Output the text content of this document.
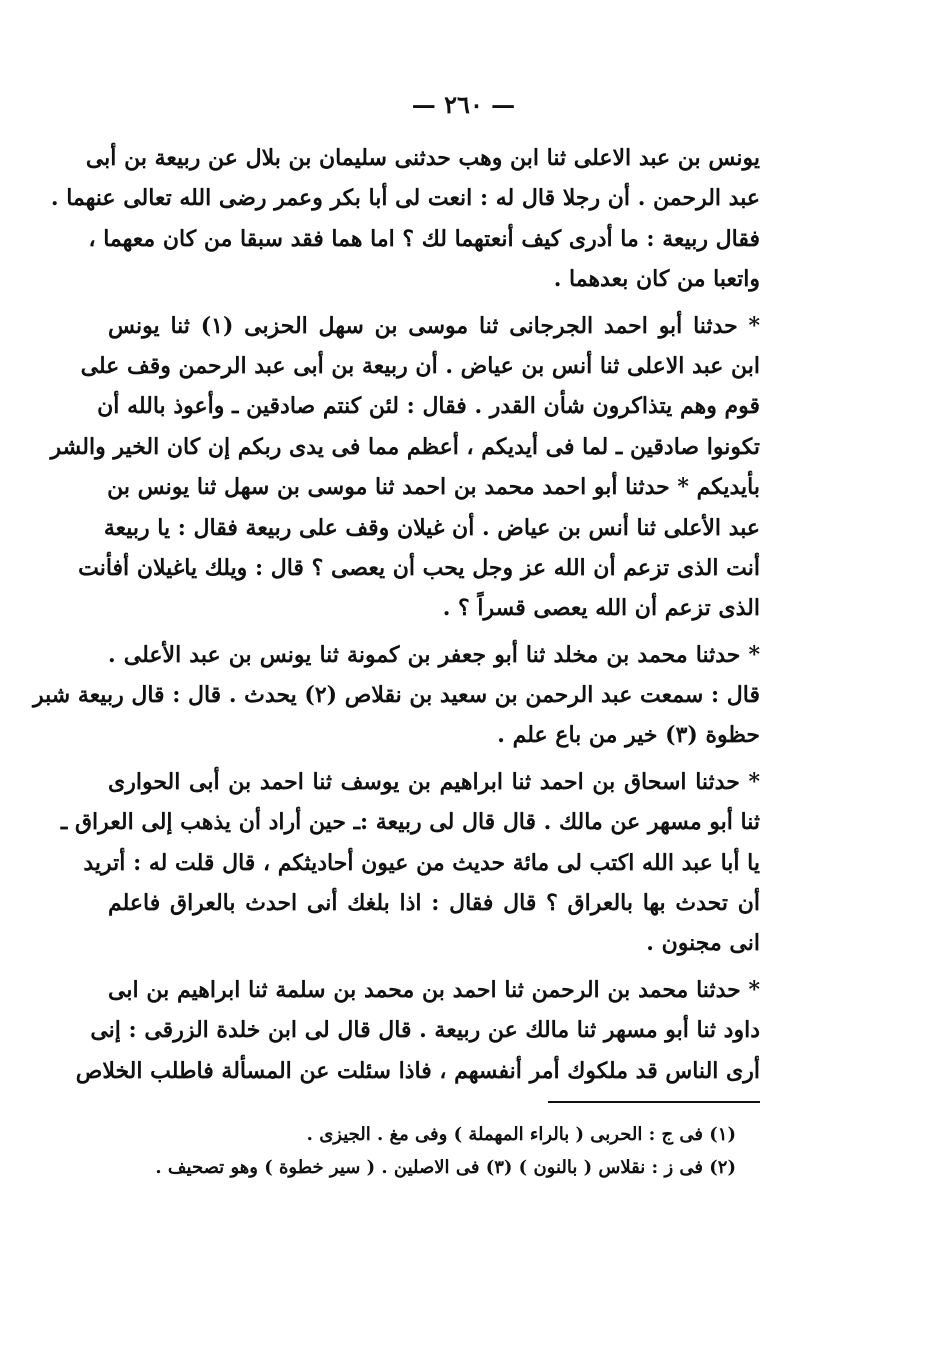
— ٢٦٠ —
يونس بن عبد الاعلى ثنا ابن وهب حدثنى سليمان بن بلال عن ربيعة بن أبى
عبد الرحمن . أن رجلا قال له : انعت لى أبا بكر وعمر رضى الله تعالى عنهما .
فقال ربيعة : ما أدرى كيف أنعتهما لك ؟ اما هما فقد سبقا من كان معهما ،
واتعبا من كان بعدهما .
* حدثنا أبو احمد الجرجانى ثنا موسى بن سهل الحزبى (١) ثنا يونس
ابن عبد الاعلى ثنا أنس بن عياض . أن ربيعة بن أبى عبد الرحمن وقف على
قوم وهم يتذاكرون شأن القدر . فقال : لئن كنتم صادقين ـ وأعوذ بالله أن
تكونوا صادقين ـ لما فى أيديكم ، أعظم مما فى يدى ربكم إن كان الخير والشر
بأيديكم * حدثنا أبو احمد محمد بن احمد ثنا موسى بن سهل ثنا يونس بن
عبد الأعلى ثنا أنس بن عياض . أن غيلان وقف على ربيعة فقال : يا ربيعة
أنت الذى تزعم أن الله عز وجل يحب أن يعصى ؟ قال : ويلك ياغيلان أفأنت
الذى تزعم أن الله يعصى قسراً ؟ .
* حدثنا محمد بن مخلد ثنا أبو جعفر بن كمونة ثنا يونس بن عبد الأعلى .
قال : سمعت عبد الرحمن بن سعيد بن نقلاص (٢) يحدث . قال : قال ربيعة شبر
حظوة (٣) خير من باع علم .
* حدثنا اسحاق بن احمد ثنا ابراهيم بن يوسف ثنا احمد بن أبى الحوارى
ثنا أبو مسهر عن مالك . قال قال لى ربيعة :ـ حين أراد أن يذهب إلى العراق ـ
يا أبا عبد الله اكتب لى مائة حديث من عيون أحاديثكم ، قال قلت له : أتريد
أن تحدث بها بالعراق ؟ قال فقال : اذا بلغك أنى احدث بالعراق فاعلم
انى مجنون .
* حدثنا محمد بن الرحمن ثنا احمد بن محمد بن سلمة ثنا ابراهيم بن ابى
داود ثنا أبو مسهر ثنا مالك عن ربيعة . قال قال لى ابن خلدة الزرقى : إنى
أرى الناس قد ملكوك أمر أنفسهم ، فاذا سئلت عن المسألة فاطلب الخلاص
(١) فى ج : الحربى ( بالراء المهملة ) وفى مغ . الجيزى .
(٢) فى ز : نقلاس ( بالنون ) (٣) فى الاصلين . ( سير خطوة ) وهو تصحيف .
